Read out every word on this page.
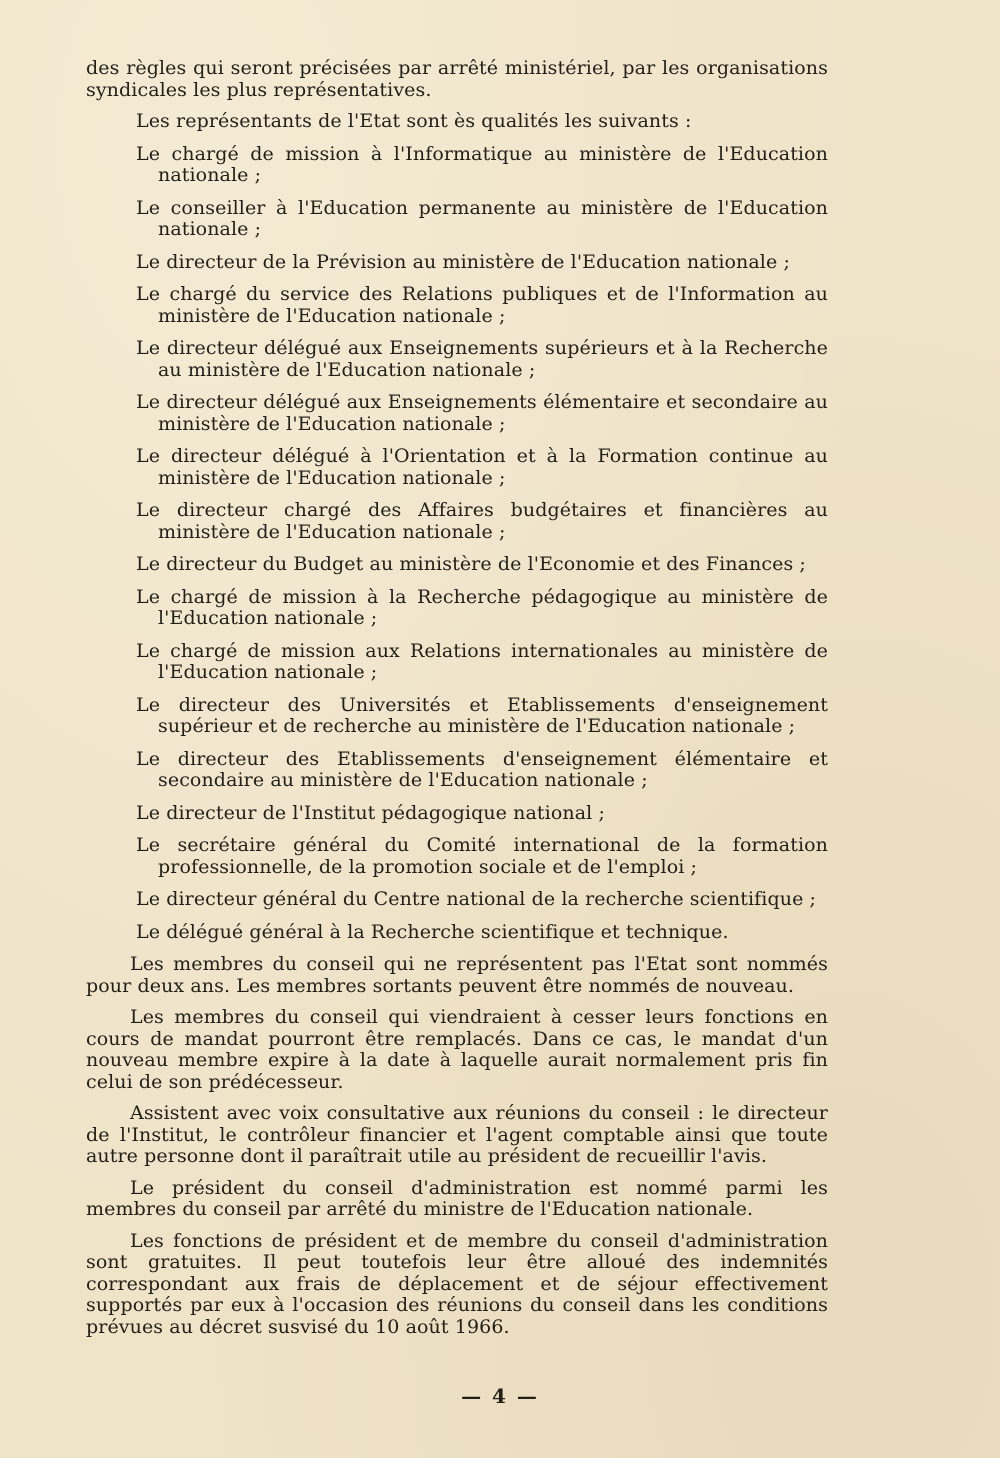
des règles qui seront précisées par arrêté ministériel, par les organisations syndicales les plus représentatives.

Les représentants de l'Etat sont ès qualités les suivants :

Le chargé de mission à l'Informatique au ministère de l'Education nationale ;

Le conseiller à l'Education permanente au ministère de l'Education nationale ;

Le directeur de la Prévision au ministère de l'Education nationale ;

Le chargé du service des Relations publiques et de l'Information au ministère de l'Education nationale ;

Le directeur délégué aux Enseignements supérieurs et à la Recherche au ministère de l'Education nationale ;

Le directeur délégué aux Enseignements élémentaire et secondaire au ministère de l'Education nationale ;

Le directeur délégué à l'Orientation et à la Formation continue au ministère de l'Education nationale ;

Le directeur chargé des Affaires budgétaires et financières au ministère de l'Education nationale ;

Le directeur du Budget au ministère de l'Economie et des Finances ;

Le chargé de mission à la Recherche pédagogique au ministère de l'Education nationale ;

Le chargé de mission aux Relations internationales au ministère de l'Education nationale ;

Le directeur des Universités et Etablissements d'enseignement supérieur et de recherche au ministère de l'Education nationale ;

Le directeur des Etablissements d'enseignement élémentaire et secondaire au ministère de l'Education nationale ;

Le directeur de l'Institut pédagogique national ;

Le secrétaire général du Comité international de la formation professionnelle, de la promotion sociale et de l'emploi ;

Le directeur général du Centre national de la recherche scientifique ;

Le délégué général à la Recherche scientifique et technique.

Les membres du conseil qui ne représentent pas l'Etat sont nommés pour deux ans. Les membres sortants peuvent être nommés de nouveau.

Les membres du conseil qui viendraient à cesser leurs fonctions en cours de mandat pourront être remplacés. Dans ce cas, le mandat d'un nouveau membre expire à la date à laquelle aurait normalement pris fin celui de son prédécesseur.

Assistent avec voix consultative aux réunions du conseil : le directeur de l'Institut, le contrôleur financier et l'agent comptable ainsi que toute autre personne dont il paraîtrait utile au président de recueillir l'avis.

Le président du conseil d'administration est nommé parmi les membres du conseil par arrêté du ministre de l'Education nationale.

Les fonctions de président et de membre du conseil d'administration sont gratuites. Il peut toutefois leur être alloué des indemnités correspondant aux frais de déplacement et de séjour effectivement supportés par eux à l'occasion des réunions du conseil dans les conditions prévues au décret susvisé du 10 août 1966.

— 4 —
